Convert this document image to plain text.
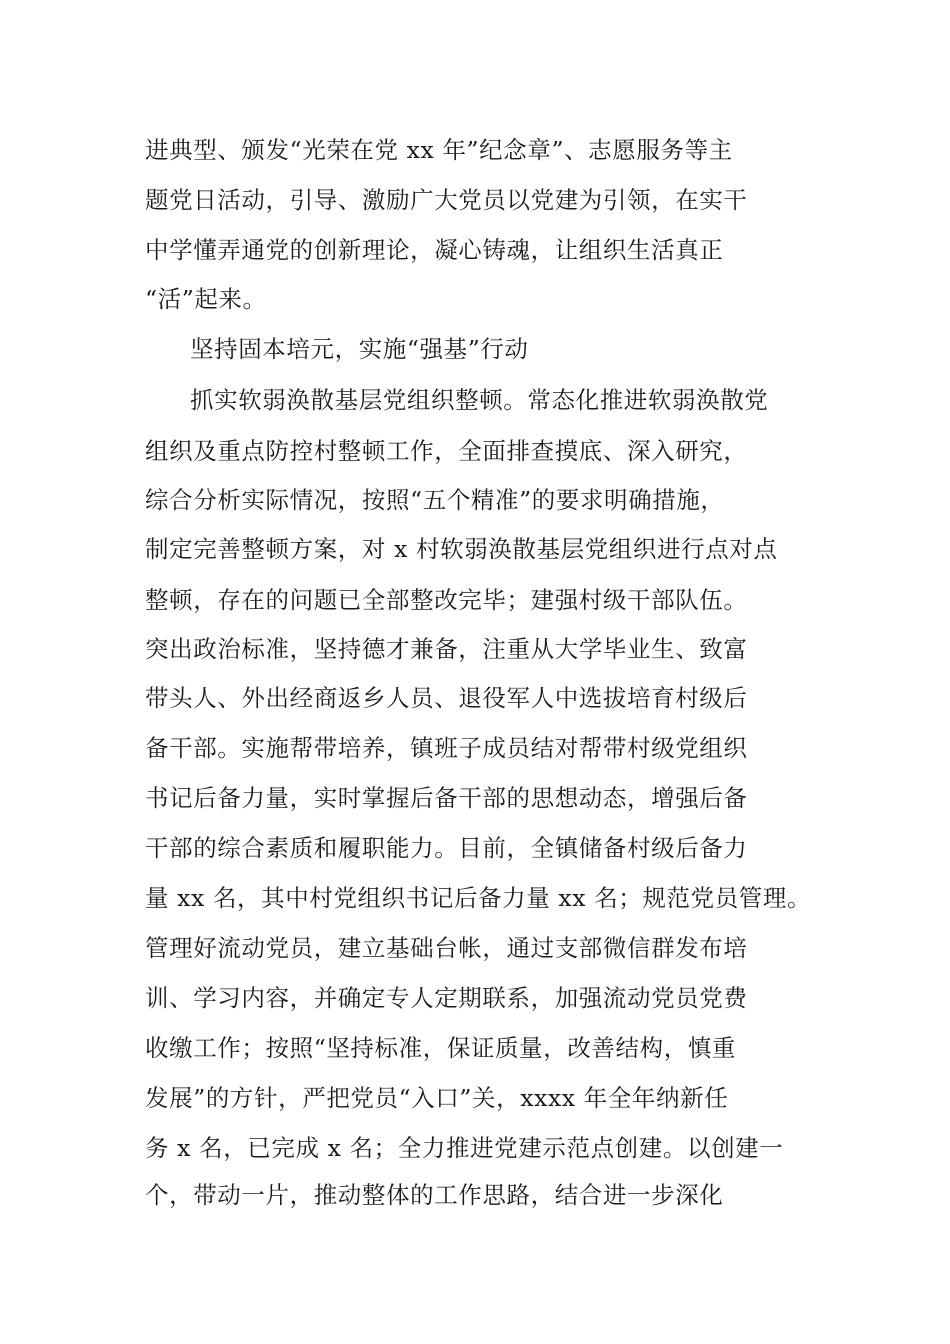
进典型、颁发“光荣在党 xx 年”纪念章”、志愿服务等主
题党日活动，引导、激励广大党员以党建为引领，在实干
中学懂弄通党的创新理论，凝心铸魂，让组织生活真正
“活”起来。
坚持固本培元，实施“强基”行动
抓实软弱涣散基层党组织整顿。常态化推进软弱涣散党
组织及重点防控村整顿工作，全面排查摸底、深入研究，
综合分析实际情况，按照“五个精准”的要求明确措施，
制定完善整顿方案，对 x 村软弱涣散基层党组织进行点对点
整顿，存在的问题已全部整改完毕；建强村级干部队伍。
突出政治标准，坚持德才兼备，注重从大学毕业生、致富
带头人、外出经商返乡人员、退役军人中选拔培育村级后
备干部。实施帮带培养，镇班子成员结对帮带村级党组织
书记后备力量，实时掌握后备干部的思想动态，增强后备
干部的综合素质和履职能力。目前，全镇储备村级后备力
量 xx 名，其中村党组织书记后备力量 xx 名；规范党员管理。
管理好流动党员，建立基础台帐，通过支部微信群发布培
训、学习内容，并确定专人定期联系，加强流动党员党费
收缴工作；按照“坚持标准，保证质量，改善结构，慎重
发展”的方针，严把党员“入口”关，xxxx 年全年纳新任
务 x 名，已完成 x 名；全力推进党建示范点创建。以创建一
个，带动一片，推动整体的工作思路，结合进一步深化
